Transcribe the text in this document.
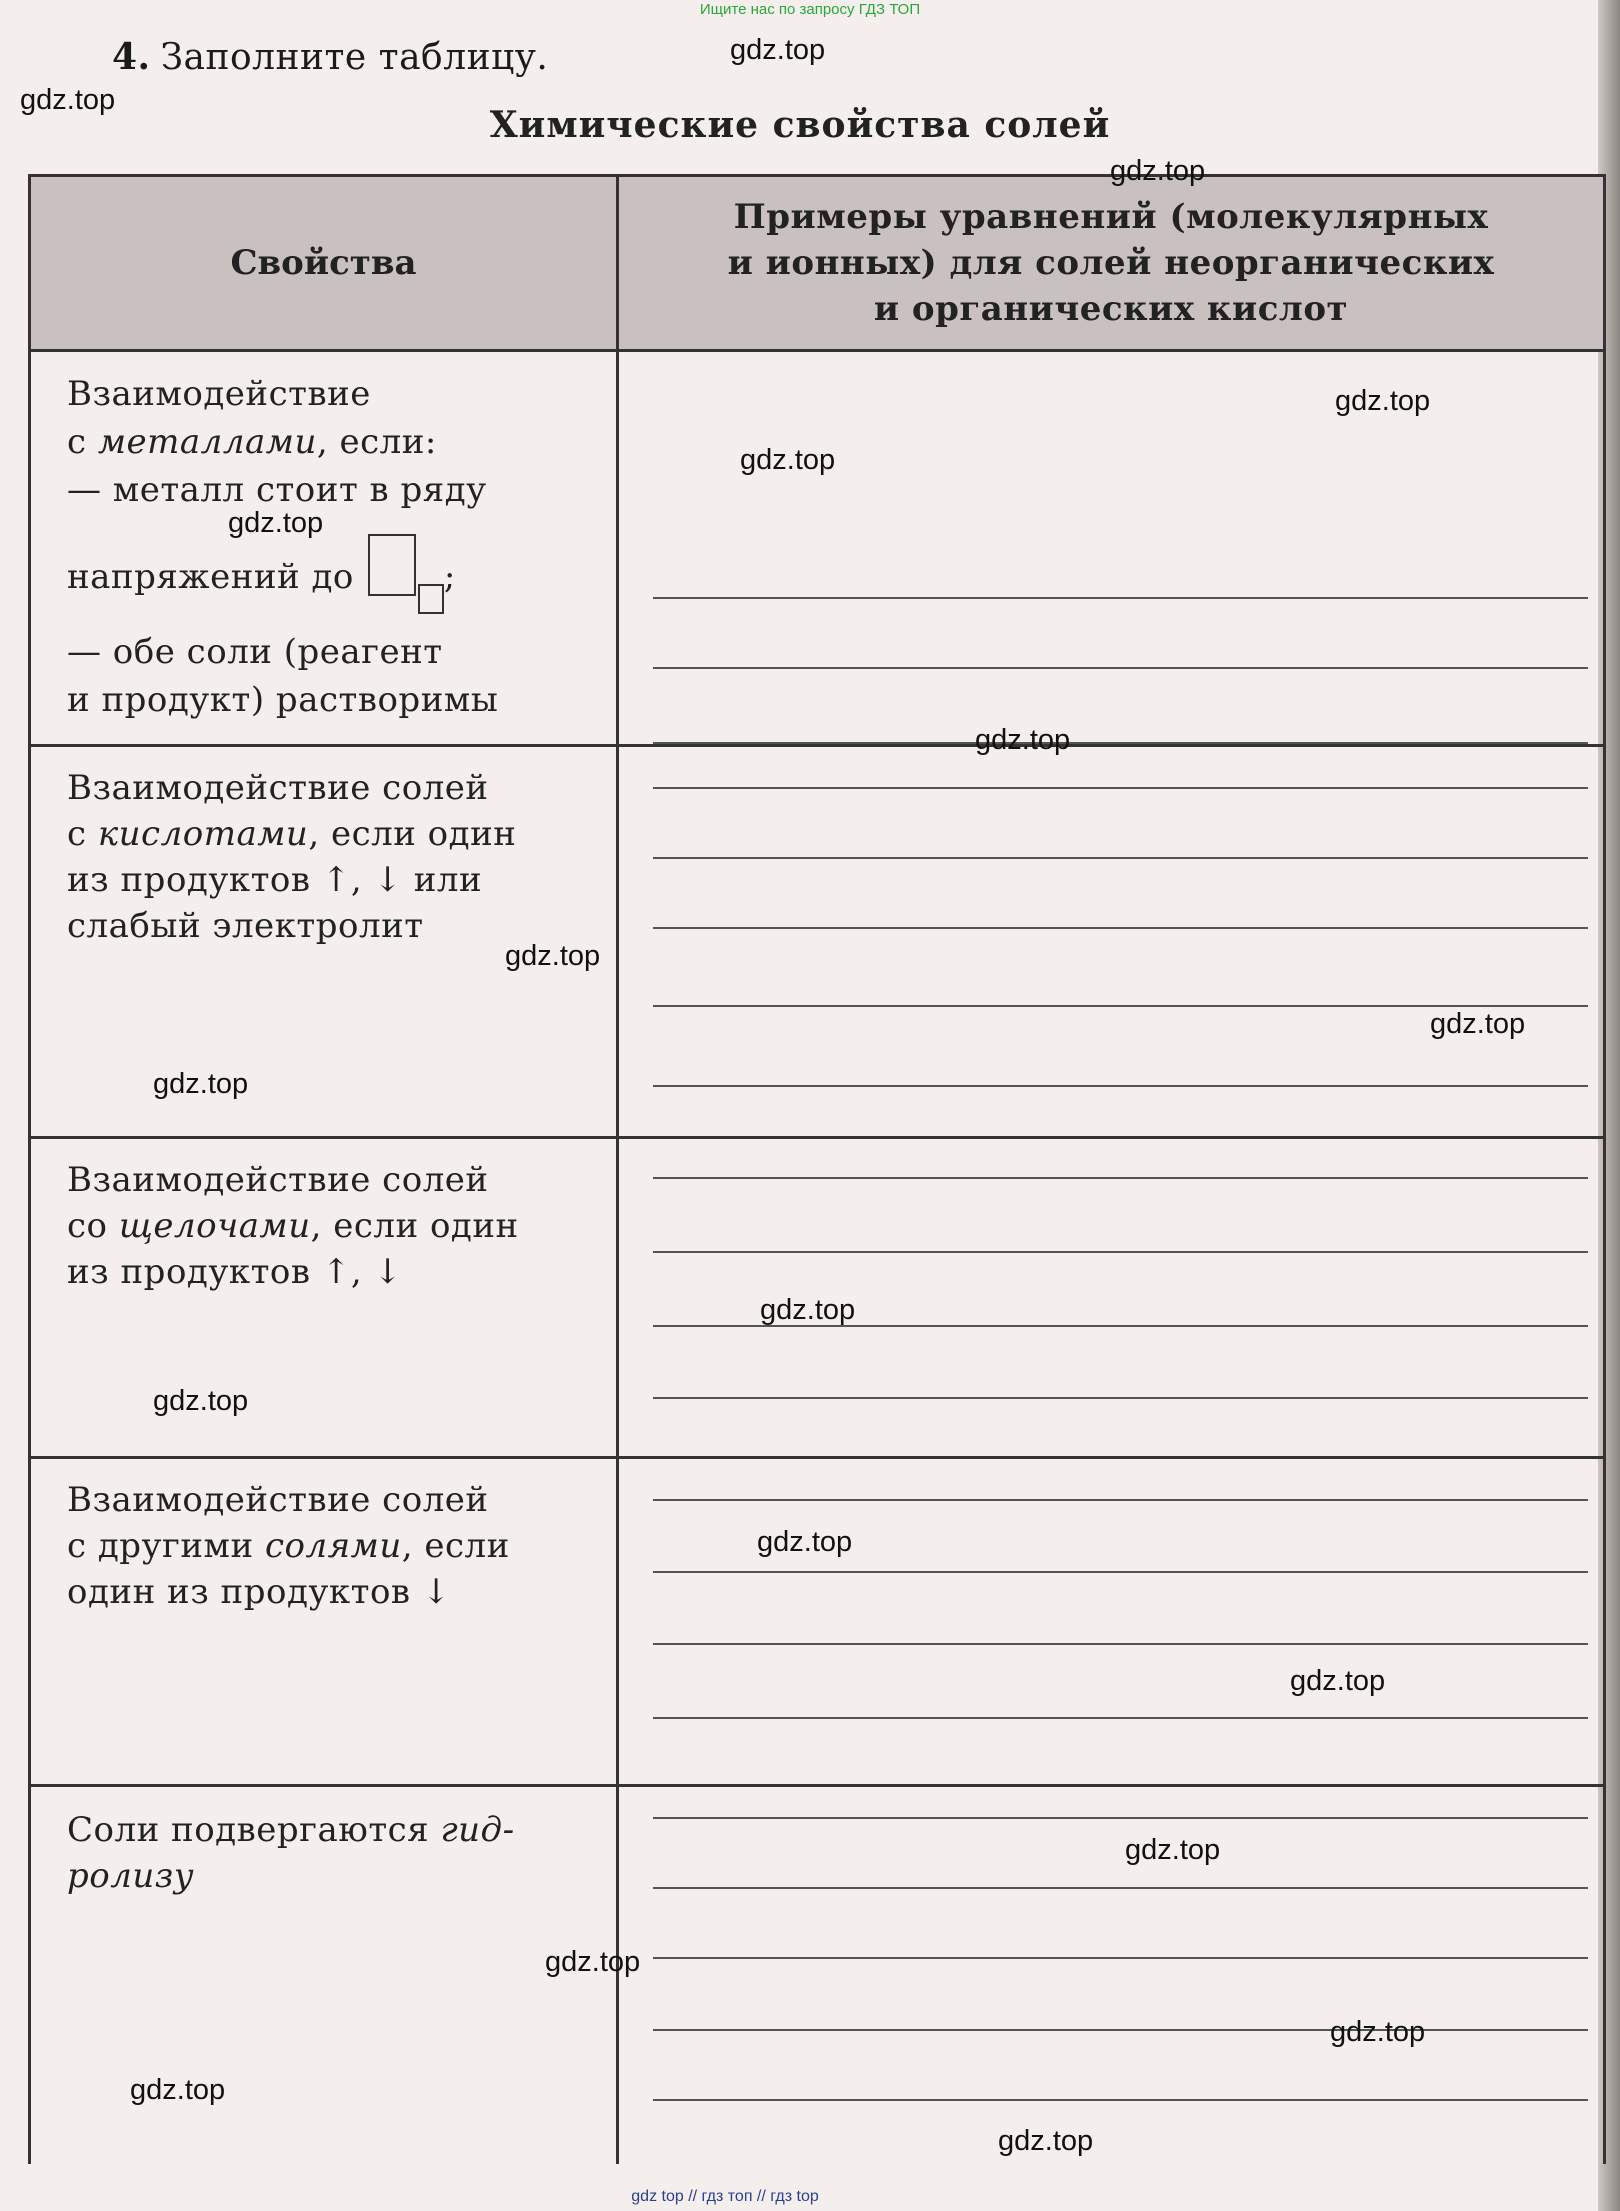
Ищите нас по запросу ГДЗ ТОП
4. Заполните таблицу.
Химические свойства солей
Свойства
Примеры уравнений (молекулярных
и ионных) для солей неорганических
и органических кислот
Взаимодействие
с металлами, если:
— металл стоит в ряду
напряжений до	;
— обе соли (реагент
и продукт) растворимы
Взаимодействие солей
с кислотами, если один
из продуктов ↑, ↓ или
слабый электролит
Взаимодействие солей
со щелочами, если один
из продуктов ↑, ↓
Взаимодействие солей
с другими солями, если
один из продуктов ↓
Соли подвергаются гид-
ролизу
gdz.top
gdz.top
gdz.top
gdz.top
gdz.top
gdz.top
gdz.top
gdz.top
gdz.top
gdz.top
gdz.top
gdz.top
gdz.top
gdz.top
gdz.top
gdz.top
gdz.top
gdz.top
gdz.top
gdz top // гдз топ // гдз top
